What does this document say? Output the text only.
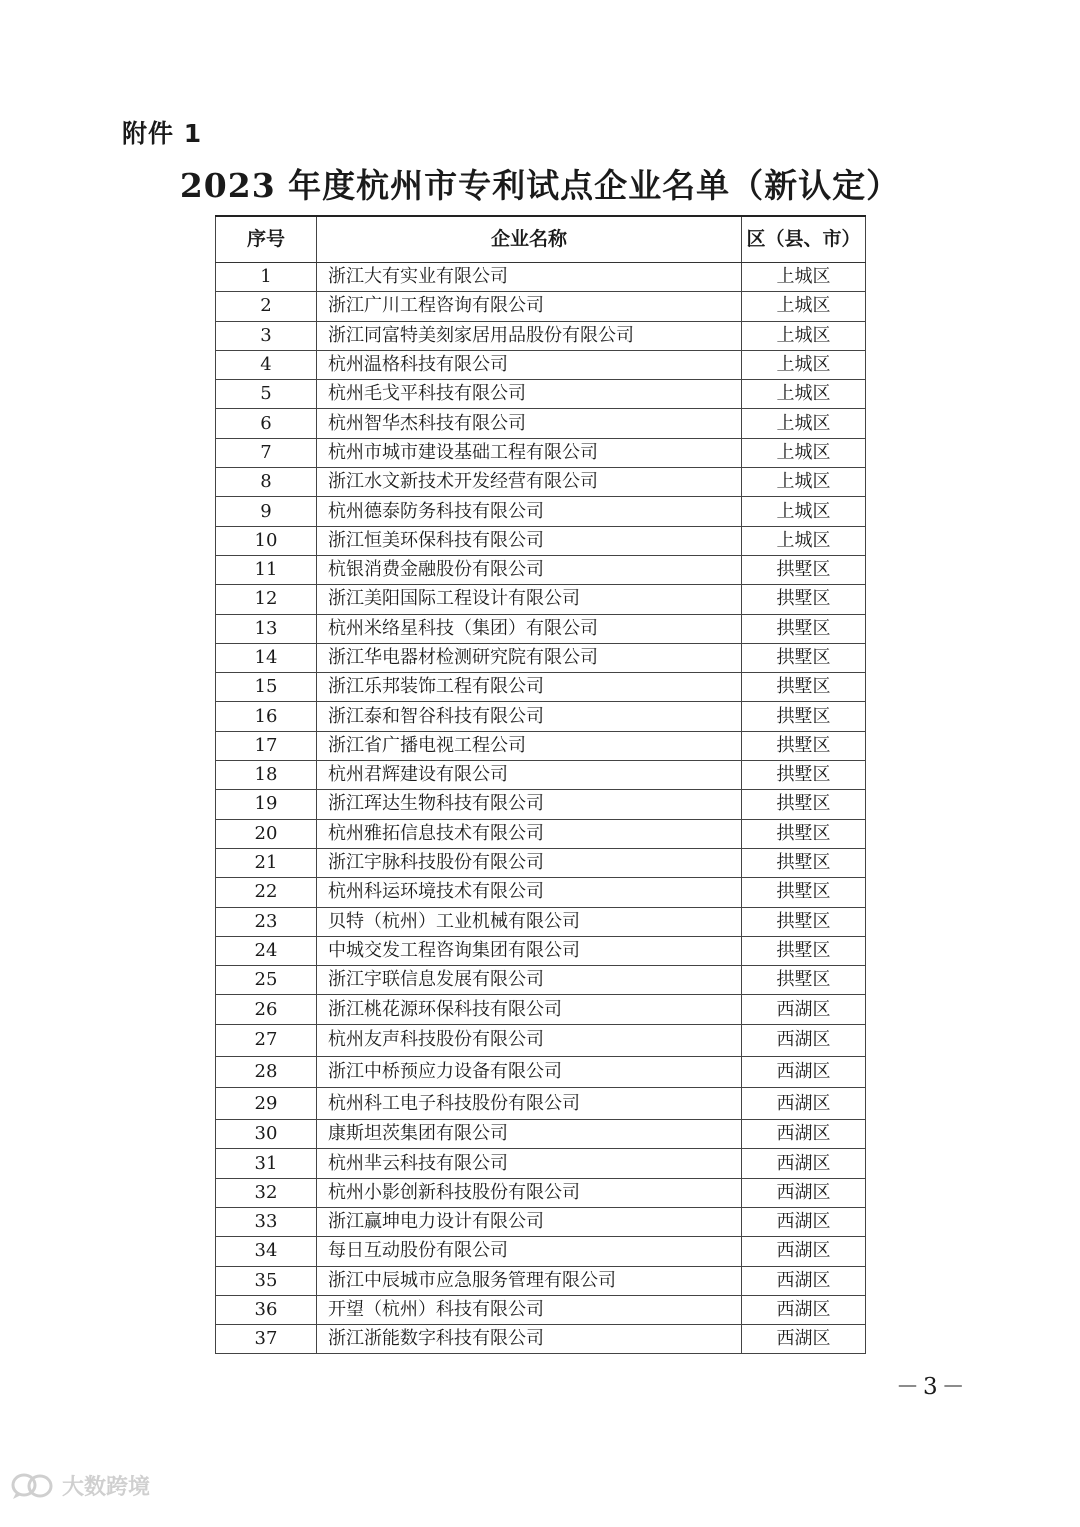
附件 1
2023 年度杭州市专利试点企业名单（新认定）
序号	企业名称	区（县、市）
1	浙江大有实业有限公司	上城区
2	浙江广川工程咨询有限公司	上城区
3	浙江同富特美刻家居用品股份有限公司	上城区
4	杭州温格科技有限公司	上城区
5	杭州毛戈平科技有限公司	上城区
6	杭州智华杰科技有限公司	上城区
7	杭州市城市建设基础工程有限公司	上城区
8	浙江水文新技术开发经营有限公司	上城区
9	杭州德泰防务科技有限公司	上城区
10	浙江恒美环保科技有限公司	上城区
11	杭银消费金融股份有限公司	拱墅区
12	浙江美阳国际工程设计有限公司	拱墅区
13	杭州米络星科技（集团）有限公司	拱墅区
14	浙江华电器材检测研究院有限公司	拱墅区
15	浙江乐邦装饰工程有限公司	拱墅区
16	浙江泰和智谷科技有限公司	拱墅区
17	浙江省广播电视工程公司	拱墅区
18	杭州君辉建设有限公司	拱墅区
19	浙江珲达生物科技有限公司	拱墅区
20	杭州雅拓信息技术有限公司	拱墅区
21	浙江宇脉科技股份有限公司	拱墅区
22	杭州科运环境技术有限公司	拱墅区
23	贝特（杭州）工业机械有限公司	拱墅区
24	中城交发工程咨询集团有限公司	拱墅区
25	浙江宇联信息发展有限公司	拱墅区
26	浙江桃花源环保科技有限公司	西湖区
27	杭州友声科技股份有限公司	西湖区
28	浙江中桥预应力设备有限公司	西湖区
29	杭州科工电子科技股份有限公司	西湖区
30	康斯坦茨集团有限公司	西湖区
31	杭州芈云科技有限公司	西湖区
32	杭州小影创新科技股份有限公司	西湖区
33	浙江赢坤电力设计有限公司	西湖区
34	每日互动股份有限公司	西湖区
35	浙江中辰城市应急服务管理有限公司	西湖区
36	开望（杭州）科技有限公司	西湖区
37	浙江浙能数字科技有限公司	西湖区
－3－
大数跨境
